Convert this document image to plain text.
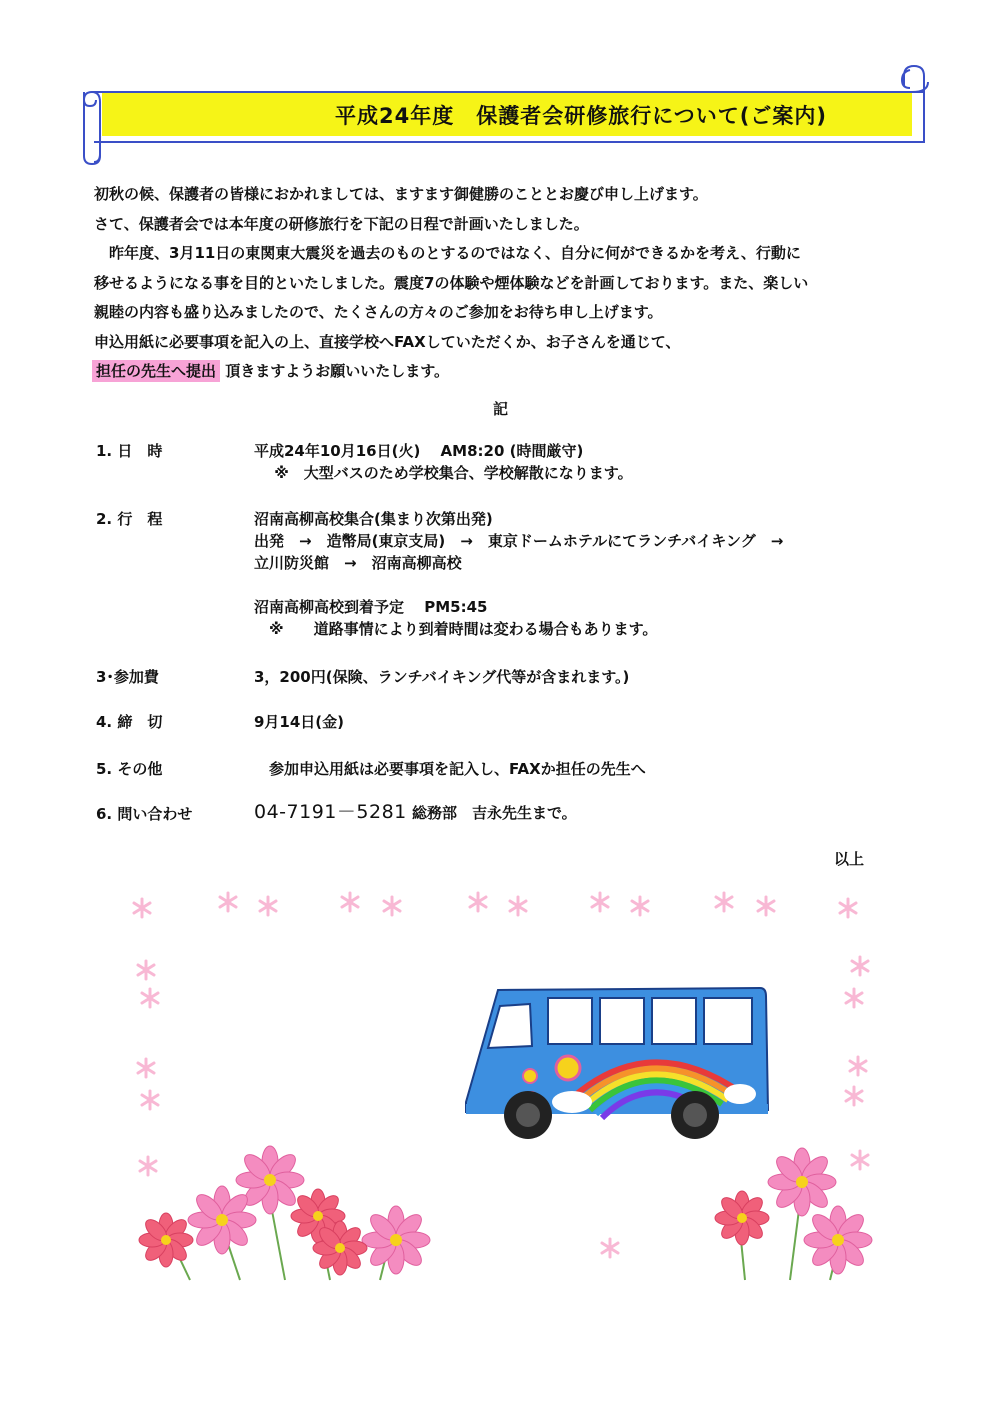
平成24年度　保護者会研修旅行について(ご案内)

初秋の候、保護者の皆様におかれましては、ますます御健勝のこととお慶び申し上げます。

さて、保護者会では本年度の研修旅行を下記の日程で計画いたしました。

　昨年度、3月11日の東関東大震災を過去のものとするのではなく、自分に何ができるかを考え、行動に

移せるようになる事を目的といたしました。震度7の体験や煙体験などを計画しております。また、楽しい

親睦の内容も盛り込みましたので、たくさんの方々のご参加をお待ち申し上げます。

申込用紙に必要事項を記入の上、直接学校へFAXしていただくか、お子さんを通じて、

担任の先生へ提出 頂きますようお願いいたします。

記
1. 日　時	平成24年10月16日(火)　 AM8:20 (時間厳守)
　 ※　大型バスのため学校集合、学校解散になります。
2. 行　程	沼南高柳高校集合(集まり次第出発)
出発　→　造幣局(東京支局)　→　東京ドームホテルにてランチバイキング　→
立川防災館　→　沼南高柳高校
沼南高柳高校到着予定　 PM5:45
　※　　道路事情により到着時間は変わる場合もあります。
3･参加費	3，200円(保険、ランチバイキング代等が含まれます。)
4. 締　切	9月14日(金)
5. その他	　参加申込用紙は必要事項を記入し、FAXか担任の先生へ
6. 問い合わせ	04-7191－5281 総務部　吉永先生まで。
以上
